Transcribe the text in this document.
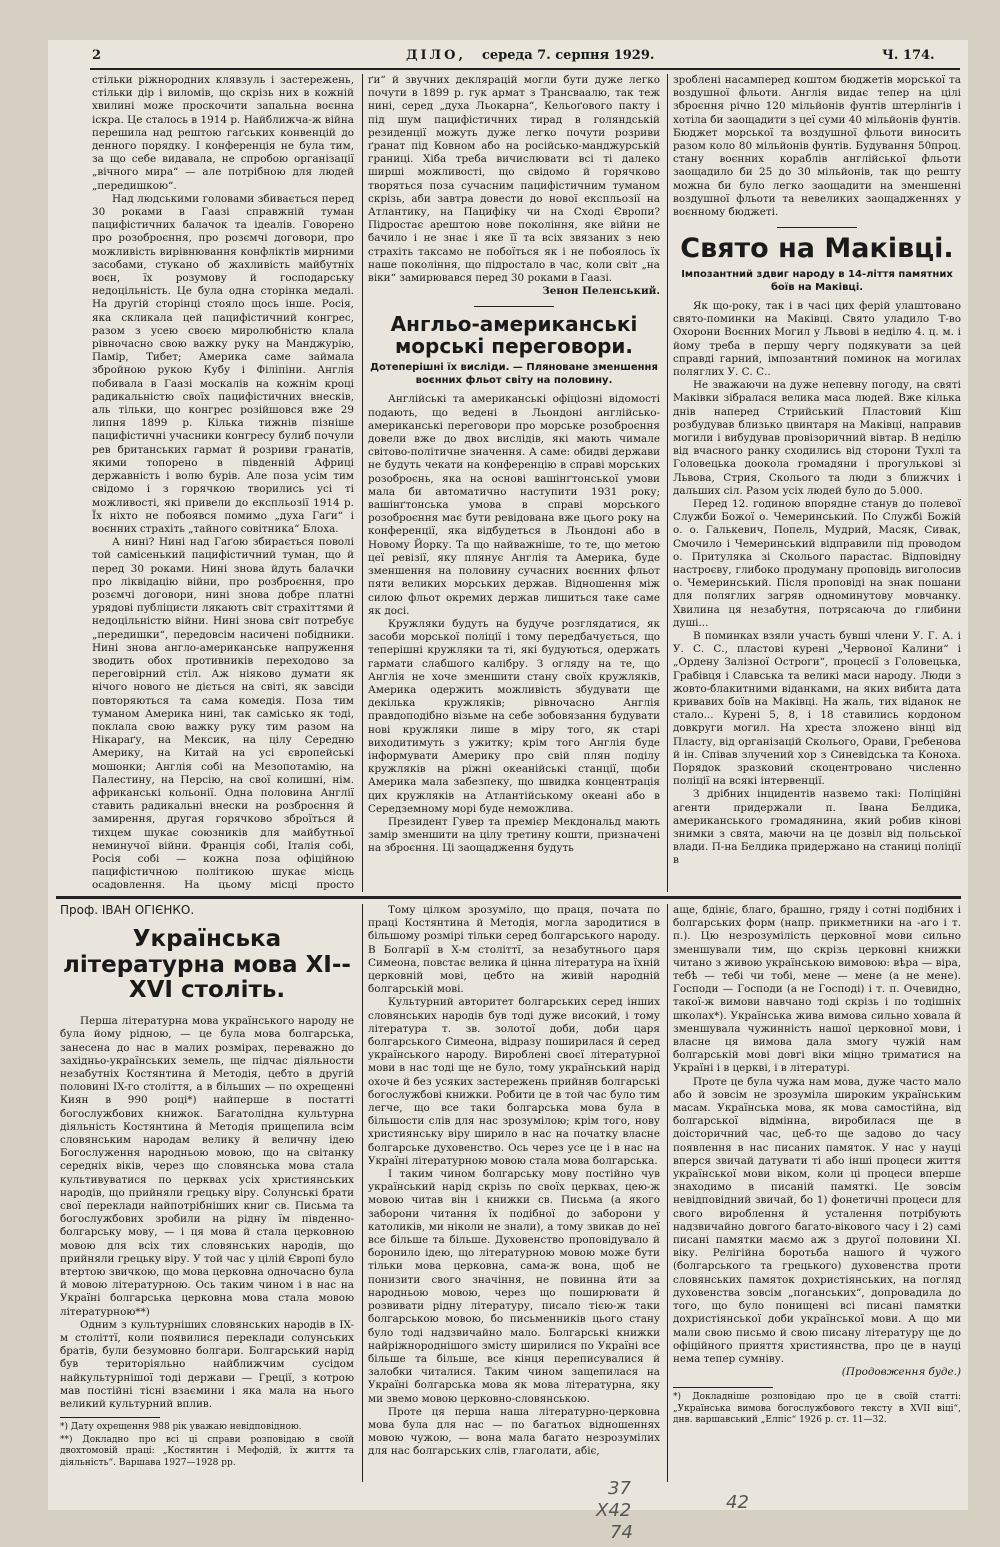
2	ДІЛО, середа 7. серпня 1929.	Ч. 174.

стільки ріжнородних клявзуль і застережень, стільки дір і виломів, що скрізь них в кожній хвилині може проскочити запальна воєнна іскра. Це сталось в 1914 р. Найближча-ж війна перешила над рештою гаґських конвенцій до денного порядку. І конференція не була тим, за що себе видавала, не спробою організації „вічного мира“ — але потрібною для людей „передишкою“.

Над людськими головами збивається перед 30 роками в Гаазі справжній туман пацифістичних балачок та ідеалів. Говорено про розоброєння, про розємчі договори, про можливість вирівнювання конфліктів мирними засобами, стукано об жахливість майбутніх воєн, їх розумову й господарську недоцільність. Це була одна сторінка медалі. На другій сторінці стояло щось інше. Росія, яка скликала цей пацифістичний конгрес, разом з усею своєю миролюбністю клала рівночасно свою важку руку на Манджурію, Памір, Тибет; Америка саме займала збройною рукою Кубу і Філіпіни. Англія побивала в Гаазі москалів на кожнім кроці радикальністю своїх пацифістичних внесків, аль тільки, що конгрес розійшовся вже 29 липня 1899 р. Кілька тижнів пізніше пацифістичні учасники конгресу булиб почули рев британських гармат й розриви гранатів, якими топорено в південній Африці державність і волю бурів. Але поза усім тим свідомо і з горячкою творились усі ті можливості, які привели до експльозії 1914 р. Їх ніхто не побоявся помимо „духа Гаґи“ і воєнних страхіть „тайного совітника“ Блоха.

А нині? Нині над Гаґою збирається поволі той самісенький пацифістичний туман, що й перед 30 роками. Нині знова йдуть балачки про ліквідацію війни, про розброєння, про розємчі договори, нині знова добре платні урядові публіцисти лякають світ страхіттями й недоцільністю війни. Нині знова світ потребує „передишки“, передовсім насичені побідники. Нині знова англо-американське напруження зводить обох противників переходово за переговірний стіл. Аж ніяково думати як нічого нового не діється на світі, як завсіди повторяються та сама комедія. Поза тим туманом Америка нині, так самісько як тоді, поклала свою важку руку тим разом на Нікараґу, на Мексик, на цілу Середню Америку, на Китай на усі європейські мошонки; Англія собі на Мезопотамію, на Палестину, на Персію, на свої колишні, нім. африканські кольонії. Одна половина Англії ставить радикальні внески на розброєння й замирення, другая горячково зброїться й тихцем шукає союзників для майбутньої неминучої війни. Франція собі, Італія собі, Росія собі — кожна поза офіційною пацифістичною політикою шукає місць осадовлення. На цьому місці просто

ґи“ й звучних деклярацій могли бути дуже легко почути в 1899 р. гук армат з Трансваалю, так теж нині, серед „духа Льокарна“, Кельоґового пакту і під шум пацифістичних тирад в голяндській резиденції можуть дуже легко почути розриви ґранат під Ковном або на російсько-манджурській границі. Хіба треба вичислювати всі ті далеко ширші можливості, що свідомо й горячково творяться поза сучасним пацифістичним туманом скрізь, аби завтра довести до нової експльозії на Атлантику, на Пацифіку чи на Сході Європи? Підростає арештою нове покоління, яке війни не бачило і не знає і яке її та всіх звязаних з нею страхіть таксамо не побоїться як і не побоялось їх наше покоління, що підростало в час, коли світ „на віки“ замирювався перед 30 роками в Гаазі.

Зенон Пеленський.

Англьо-американські морські переговори.
Дотеперішні їх висліди. — Пляноване зменшення воєнних фльот світу на половину.

Англійські та американські офіціозні відомості подають, що ведені в Льондоні англійсько-американські переговори про морське розоброєння довели вже до двох вислідів, які мають чимале світово-політичне значення. А саме: обидві держави не будуть чекати на конференцію в справі морських розоброєнь, яка на основі вашінґтонської умови мала би автоматично наступити 1931 року; вашінґтонська умова в справі морського розоброєння має бути ревідована вже цього року на конференції, яка відбудеться в Льондоні або в Новому Йорку. Та що найважніше, то те, що метою цеї ревізії, яку плянує Англія та Америка, буде зменшення на половину сучасних воєнних фльот пяти великих морських держав. Відношення між силою фльот окремих держав лишиться таке саме як досі.

Кружляки будуть на будуче розглядатися, як засоби морської поліції і тому передбачується, що теперішні кружляки та ті, які будуються, одержать гармати слабшого калібру. З огляду на те, що Англія не хоче зменшити стану своїх кружляків, Америка одержить можливість збудувати ще декілька кружляків; рівночасно Англія правдоподібно візьме на себе зобовязання будувати нові кружляки лише в міру того, як старі виходитимуть з ужитку; крім того Англія буде інформувати Америку про свій плян поділу кружляків на ріжні океанійські станції, щоби Америка мала забезпеку, що швидка концентрація цих кружляків на Атлантійському океані або в Середземному морі буде неможлива.

Президент Гувер та премієр Мекдональд мають замір зменшити на цілу третину кошти, призначені на зброєння. Ці заощадження будуть

зроблені насамперед коштом бюджетів морської та воздушної фльоти. Англія видає тепер на цілі зброєння річно 120 мільйонів фунтів штерлінґів і хотіла би заощадити з цеї суми 40 мільйонів фунтів. Бюджет морської та воздушної фльоти виносить разом коло 80 мільйонів фунтів. Будування 50проц. стану воєнних кораблів англійської фльоти заощадило би 25 до 30 мільйонів, так що решту можна би було легко заощадити на зменшенні воздушної фльоти та невеликих заощадженнях у воєнному бюджеті.

Свято на Маківці.
Імпозантний здвиг народу в 14-ліття памятних боїв на Маківці.

Як що-року, так і в часі цих ферій улаштовано свято-поминки на Маківці. Свято уладило Т-во Охорони Воєнних Могил у Львові в неділю 4. ц. м. і йому треба в першу чергу подякувати за цей справді гарний, імпозантний поминок на могилах поляглих У. С. С..

Не зважаючи на дуже непевну погоду, на святі Маківки зібралася велика маса людей. Вже кілька днів наперед Стрийський Пластовий Кіш розбудував близько цвинтаря на Маківці, направив могили і вибудував провізоричний вівтар. В неділю від вчасного ранку сходились від сторони Тухлі та Головецька доокола громадяни і прогулькові зі Львова, Стрия, Сколього та люди з ближчих і дальших сіл. Разом усіх людей було до 5.000.

Перед 12. годиною впорядне станув до полевої Служби Божої о. Чемеринський. По Службі Божій о. о. Галькевич, Попель, Мудрий, Масяк, Сивак, Смочило і Чемеринський відправили під проводом о. Притуляка зі Сколього парастас. Відповідну настроєву, глибоко продуману проповідь виголосив о. Чемеринський. Після проповіді на знак пошани для поляглих загряв одноминутову мовчанку. Хвилина ця незабутня, потрясаюча до глибини душі...

В поминках взяли участь бувші члени У. Г. А. і У. С. С., пластові курені „Червоної Калини“ і „Ордену Залізної Остроги“, процесії з Головецька, Грабівця і Славська та великі маси народу. Люди з жовто-блакитними віданками, на яких вибита дата кривавих боїв на Маківці. На жаль, тих віданок не стало... Курені 5, 8, і 18 ставились кордоном довкруги могил. На хреста зложено вінці від Пласту, від організацій Сколього, Орави, Гребенова й ін. Співав злучений хор з Синевідська та Коноха. Порядок зразковий скоцентровано численно поліції на всякі інтервенції.

З дрібних інцидентів назвемо такі: Поліційні агенти придержали п. Івана Белдика, американського громадянина, який робив кінові знимки з свята, маючи на це дозвіл від польської влади. П-на Белдика придержано на станиці поліції в

Проф. ІВАН ОГІЄНКО.
Українська літературна мова XI--XVI століть.

Перша літературна мова українського народу не була йому рідною, — це була мова болгарська, занесена до нас в малих розмірах, переважно до західньо-українських земель, ще підчас діяльности незабутніх Костянтина й Методія, цебто в другій половині IX-го століття, а в більших — по охрещенні Киян в 990 році*) найперше в постатті богослужбових книжок. Багатолідна культурна діяльність Костянтина й Методія прищепила всім словянським народам велику й величну ідею Богослуження народньою мовою, що на світанку середніх віків, через що словянська мова стала культивуватися по церквах усіх християнських народів, що прийняли грецьку віру. Солунські брати свої переклади найпотрібніших книг св. Письма та богослужбових зробили на рідну їм південно-болгарську мову, — і ця мова й стала церковною мовою для всіх тих словянських народів, що прийняли грецьку віру. У той час у цілій Європі було втертою звичкою, що мова церковна одночасно була й мовою літературною. Ось таким чином і в нас на Україні болгарська церковна мова стала мовою літературною**)

Одним з культурніших словянських народів в IX-м століттї, коли появилися переклади солунських братів, були безумовно болгари. Болгарський нарід був територіяльно найближчим сусідом найкультурнішої тоді держави — Греції, з котрою мав постійні тісні взаємини і яка мала на нього великий культурний вплив.

*) Дату охрещення 988 рік уважаю невідповідною.
**) Докладно про всі ці справи розповідаю в своїй двохтомовій праці: „Костянтин і Мефодій, їх життя та діяльність“. Варшава 1927—1928 рр.

Тому цілком зрозуміло, що праця, почата по праці Костянтина й Методія, могла зародитися в більшому розмірі тільки серед болгарського народу. В Болгарії в X-м століттї, за незабутнього царя Симеона, повстає велика й цінна література на їхній церковній мові, цебто на живій народній болгарській мові.

Культурний авторитет болгарських серед інших словянських народів був тоді дуже високий, і тому література т. зв. золотої доби, доби царя болгарського Симеона, відразу поширилася й серед українського народу. Вироблені своєї літературної мови в нас тоді ще не було, тому український нарід охоче й без усяких застережень прийняв болгарські богослужбові книжки. Робити це в той час було тим легче, що все таки болгарська мова була в більшости слів для нас зрозумілою; крім того, нову християнську віру ширило в нас на початку власне болгарське духовенство. Ось через усе це і в нас на Україні літературною мовою стала мова болгарська.

І таким чином болгарську мову постійно чув український нарід скрізь по своїх церквах, цею-ж мовою читав він і книжки св. Письма (а якого заборони читання їх подібної до заборони у католиків, ми ніколи не знали), а тому звикав до неї все більше та більше. Духовенство проповідувало й боронило ідею, що літературною мовою може бути тільки мова церковна, сама-ж вона, щоб не понизити свого значіння, не повинна йти за народньою мовою, через що поширювати й розвивати рідну літературу, писало тією-ж таки болгарською мовою, бо письменників цього стану було тоді надзвичайно мало. Болгарські книжки найріжнороднішого змісту ширилися по Україні все більше та більше, все кінця переписувалися й залобки читалися. Таким чином защепилася на Україні болгарська мова як мова літературна, яку ми звемо мовою церковно-словянською.

Проте ця перша наша літературно-церковна мова була для нас — по багатьох відношеннях мовою чужою, — вона мала багато незрозумілих для нас болгарських слів, глаголати, абіє,

аще, бдініє, благо, брашно, гряду і сотні подібних і болгарських форм (напр. прикметники на -аго і т. п.). Цю незрозумілість церковної мови сильно зменшували тим, що скрізь церковні книжки читано з живою українською вимовою: вѣра — віра, тебѣ — тебі чи тобі, мене — мене (а не мене). Господи — Господи (а не Господі) і т. п. Очевидно, такої-ж вимови навчано тоді скрізь і по тодішніх школах*). Українська жива вимова сильно ховала й зменшувала чужинність нашої церковної мови, і власне ця вимова дала змогу чужій нам болгарській мові довгі віки міцно триматися на Україні і в церкві, і в літературі.

Проте це була чужа нам мова, дуже часто мало або й зовсім не зрозуміла широким українським масам. Українська мова, як мова самостійна, від болгарської відмінна, виробилася ще в доісторичний час, цеб-то ще задово до часу появлення в нас писаних памяток. У нас у науці вперся звичай датувати ті або інші процеси життя української мови віком, коли ці процеси вперше знаходимо в писаній памяткі. Це зовсім невідповідний звичай, бо 1) фонетичні процеси для свого вироблення й усталення потрібують надзвичайно довгого багато-вікового часу і 2) самі писані памятки маємо аж з другої половини XI. віку. Релігійна боротьба нашого й чужого (болгарського та грецького) духовенства проти словянських памяток дохристіянських, на погляд духовенства зовсім „поганських“, допровадила до того, що було понищені всі писані памятки дохристіянської доби української мови. А що ми мали свою письмо й свою писану літературу ще до офіційного прияття християнства, про це в науці нема тепер сумніву.

(Продовження буде.)

*) Докладніше розповідаю про це в своїй статті: „Українська вимова богослужбового тексту в XVII віці“, днв. варшавський „Елпіс“ 1926 р. ст. 11—32.
42
37
Х42
74
